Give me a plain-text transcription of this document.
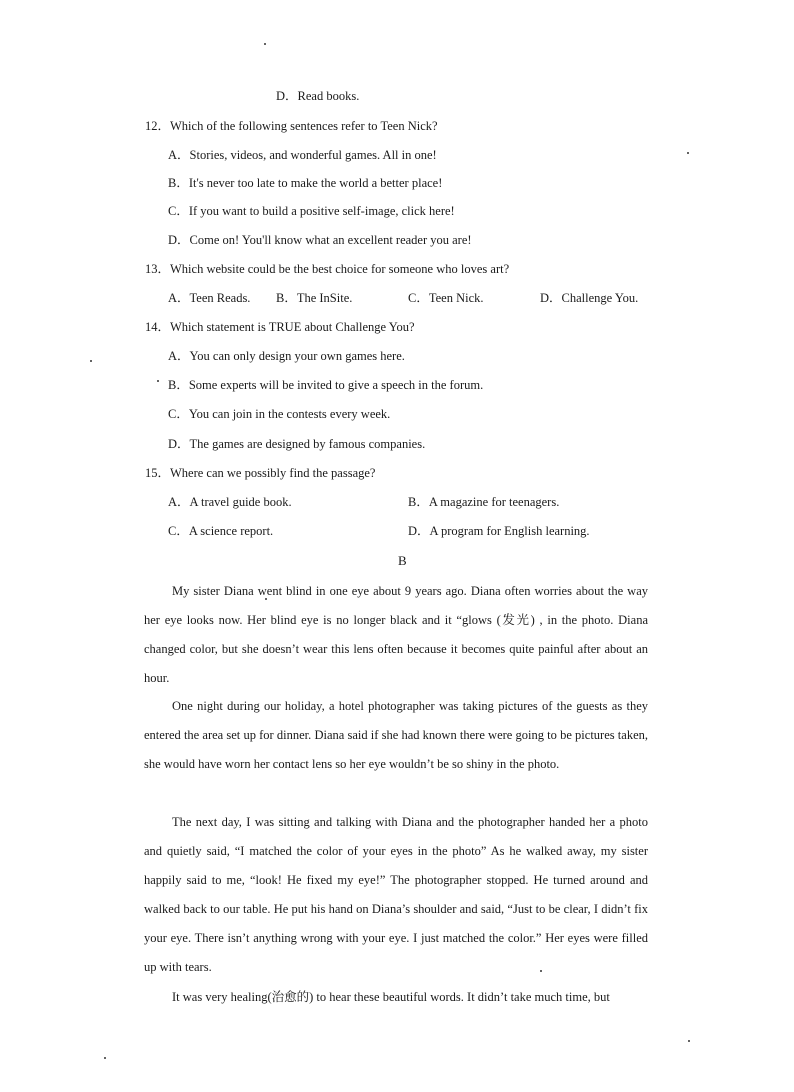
D．Read books.
12．Which of the following sentences refer to Teen Nick?
A．Stories, videos, and wonderful games. All in one!
B．It's never too late to make the world a better place!
C．If you want to build a positive self-image, click here!
D．Come on! You'll know what an excellent reader you are!
13．Which website could be the best choice for someone who loves art?
A．Teen Reads. B．The InSite.	C．Teen Nick.	D．Challenge You.
14．Which statement is TRUE about Challenge You?
A．You can only design your own games here.
B．Some experts will be invited to give a speech in the forum.
C．You can join in the contests every week.
D．The games are designed by famous companies.
15．Where can we possibly find the passage?
A．A travel guide book.	B．A magazine for teenagers.
C．A science report.	D．A program for English learning.
B
My sister Diana went blind in one eye about 9 years ago. Diana often worries about the way her eye looks now. Her blind eye is no longer black and it “glows (发光) , in the photo. Diana changed color, but she doesn’t wear this lens often because it becomes quite painful after about an hour.
One night during our holiday, a hotel photographer was taking pictures of the guests as they entered the area set up for dinner. Diana said if she had known there were going to be pictures taken, she would have worn her contact lens so her eye wouldn’t be so shiny in the photo.
The next day, I was sitting and talking with Diana and the photographer handed her a photo and quietly said, “I matched the color of your eyes in the photo” As he walked away, my sister happily said to me, “look! He fixed my eye!” The photographer stopped. He turned around and walked back to our table. He put his hand on Diana’s shoulder and said, “Just to be clear, I didn’t fix your eye. There isn’t anything wrong with your eye. I just matched the color.” Her eyes were filled up with tears.
It was very healing(治愈的) to hear these beautiful words. It didn’t take much time, but
